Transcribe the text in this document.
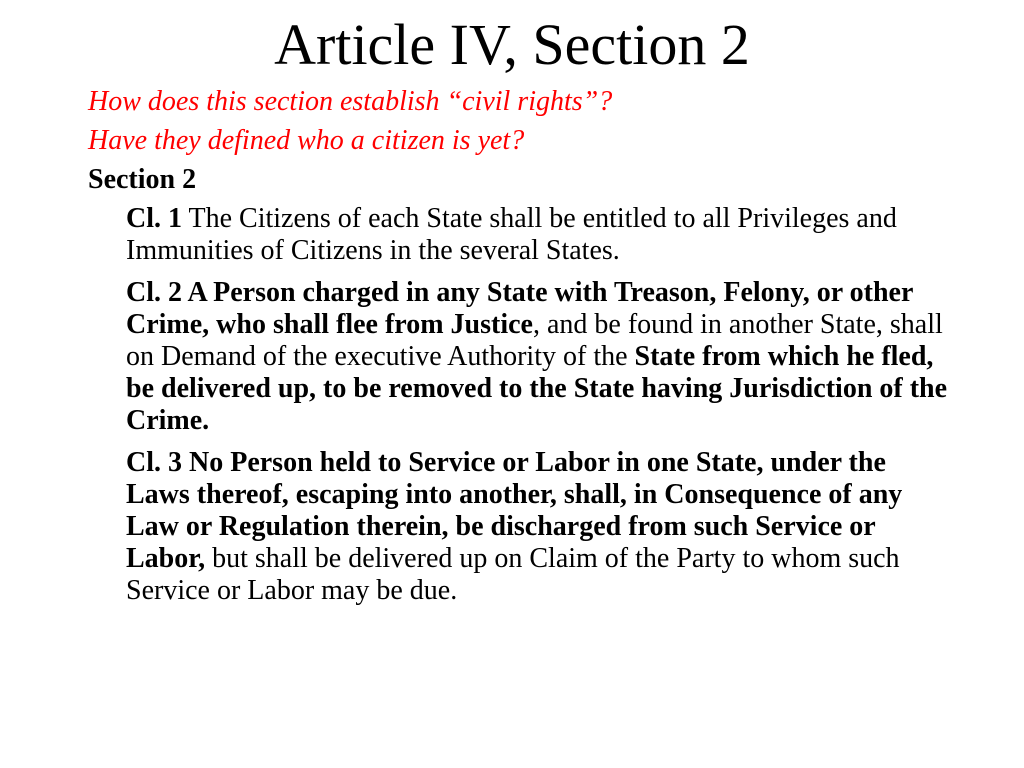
Article IV, Section 2

How does this section establish “civil rights”?

Have they defined who a citizen is yet?

Section 2

Cl. 1 The Citizens of each State shall be entitled to all Privileges and Immunities of Citizens in the several States.

Cl. 2 A Person charged in any State with Treason, Felony, or other Crime, who shall flee from Justice, and be found in another State, shall on Demand of the executive Authority of the State from which he fled, be delivered up, to be removed to the State having Jurisdiction of the Crime.

Cl. 3 No Person held to Service or Labor in one State, under the Laws thereof, escaping into another, shall, in Consequence of any Law or Regulation therein, be discharged from such Service or Labor, but shall be delivered up on Claim of the Party to whom such Service or Labor may be due.
